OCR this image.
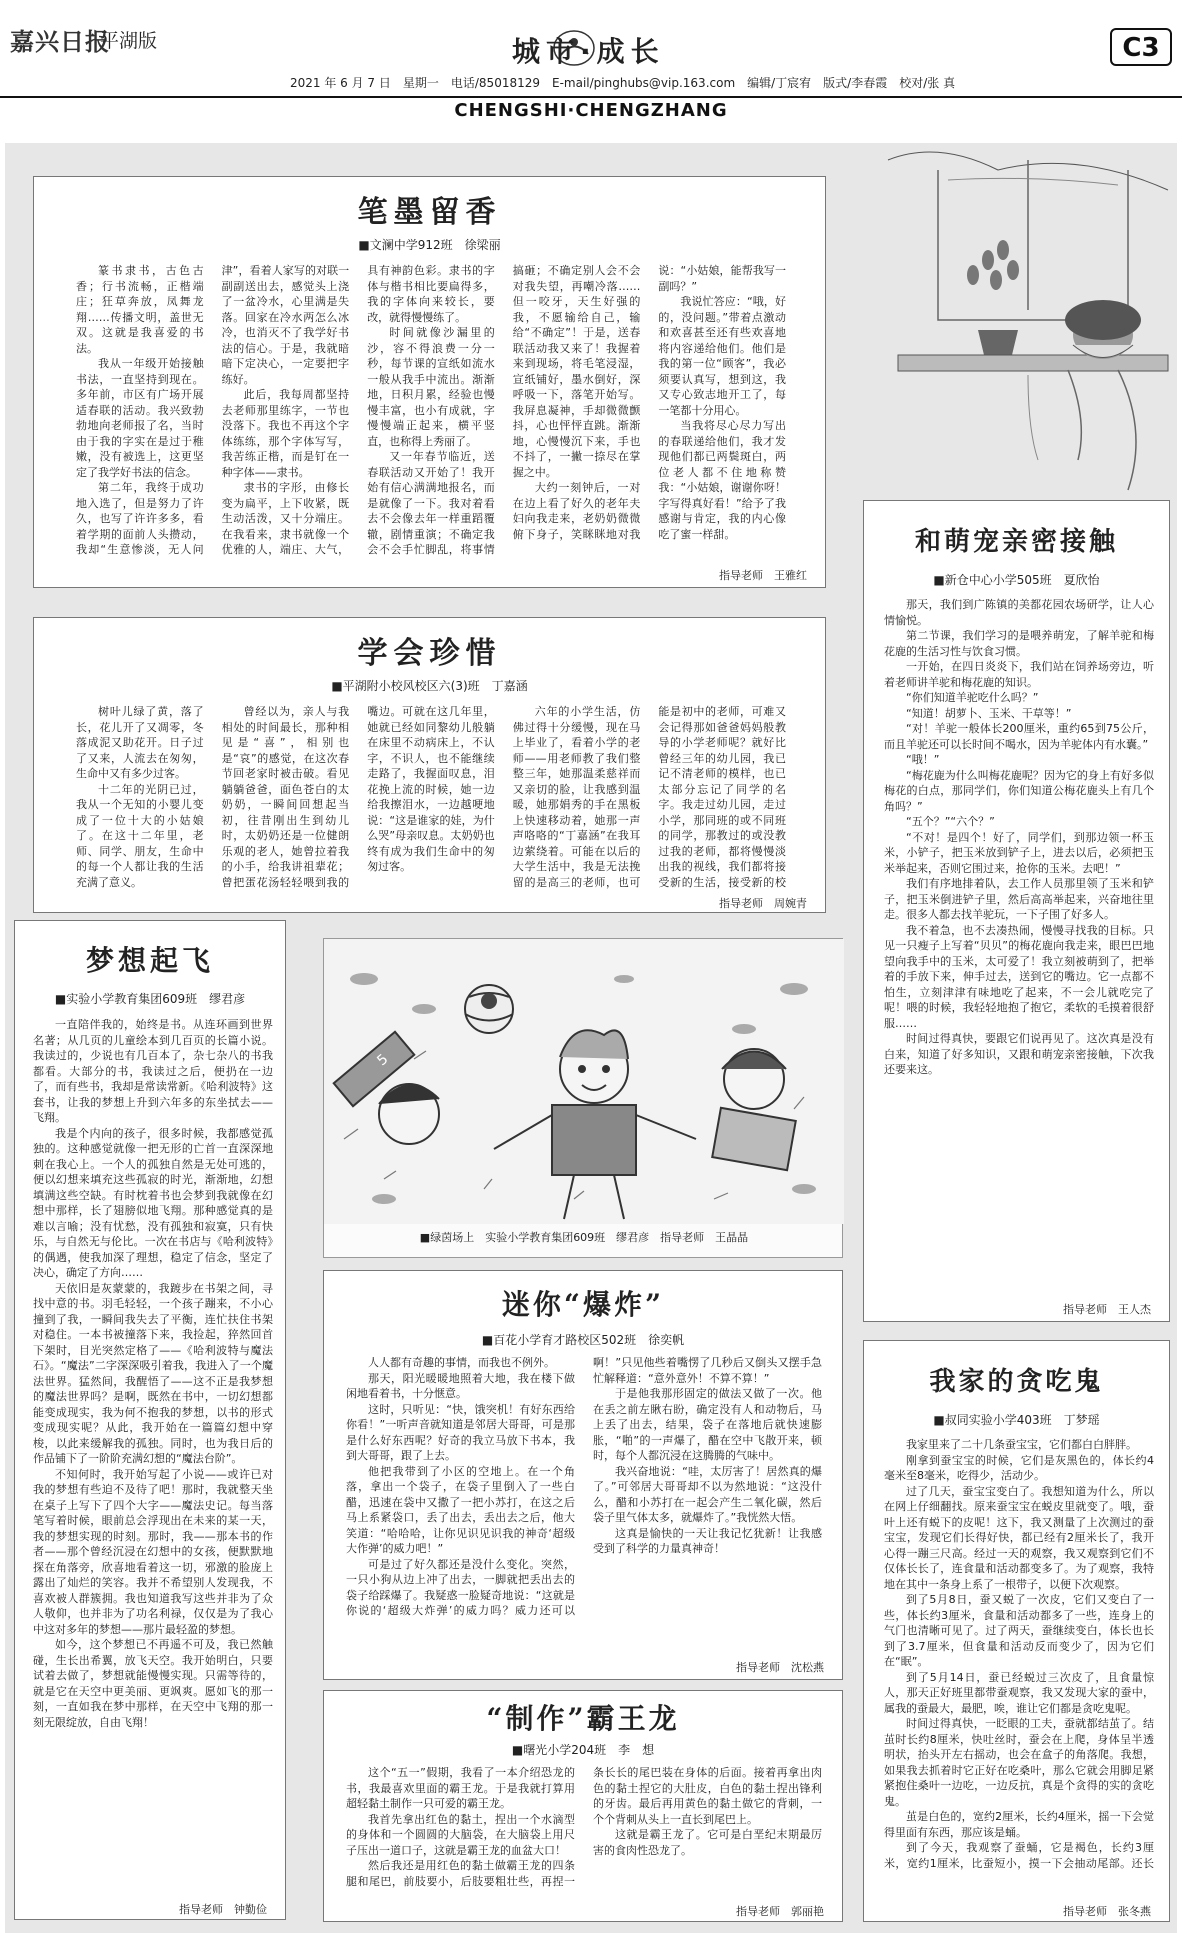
嘉兴日报
平湖版	城市·成长	C3
2021 年 6 月 7 日　星期一　电话/85018129　E-mail/pinghubs@vip.163.com　编辑/丁宸宥　版式/李春霞　校对/张 真
CHENGSHI·CHENGZHANG
笔墨留香
■文澜中学912班　徐梁丽

篆书隶书，古色古香；行书流畅，正楷端庄；狂草奔放，凤舞龙翔……传播文明，盖世无双。这就是我喜爱的书法。

我从一年级开始接触书法，一直坚持到现在。多年前，市区有广场开展适春联的活动。我兴致勃勃地向老师报了名，当时由于我的字实在是过于稚嫩，没有被选上，这更坚定了我学好书法的信念。

第二年，我终于成功地入选了，但是努力了许久，也写了许许多多，看着学期的面前人头攒动，我却“生意惨淡，无人问津”，看着人家写的对联一副副送出去，感觉头上浇了一盆冷水，心里满是失落。回家在冷水两怎么冰冷，也消灭不了我学好书法的信心。于是，我就暗暗下定决心，一定要把字练好。

此后，我每周都坚持去老师那里练字，一节也没落下。我也不再这个字体练练，那个字体写写，我苦练正楷，而是钉在一种字体——隶书。

隶书的字形，由修长变为扁平，上下收紧，既生动活泼，又十分端庄。在我看来，隶书就像一个优雅的人，端庄、大气，具有神韵色彩。隶书的字体与楷书相比要扁得多，我的字体向来较长，要改，就得慢慢练了。

时间就像沙漏里的沙，容不得浪费一分一秒，每节课的宣纸如流水一般从我手中流出。渐渐地，日积月累，经验也慢慢丰富，也小有成就，字慢慢端正起来，横平竖直，也称得上秀丽了。

又一年春节临近，送春联活动又开始了！我开始有信心满满地报名，而是就像了一下。我对着看去不会像去年一样重蹈覆辙，剧情重演；不确定我会不会手忙脚乱，将事情搞砸；不确定别人会不会对我失望，再嘲冷落……但一咬牙，天生好强的我，不愿输给自己，输给“不确定”！于是，送春联活动我又来了！我握着来到现场，将毛笔浸湿，宣纸铺好，墨水倒好，深呼吸一下，落笔开始写。我屏息凝神，手却微微颤抖，心也怦怦直跳。渐渐地，心慢慢沉下来，手也不抖了，一撇一捺尽在掌握之中。

大约一刻钟后，一对在边上看了好久的老年夫妇向我走来，老奶奶微微俯下身子，笑眯眯地对我说：“小姑娘，能帮我写一副吗？”

我说忙答应：“哦，好的，没问题。”带着点激动和欢喜甚至还有些欢喜地将内容递给他们。他们是我的第一位“顾客”，我必须要认真写，想到这，我又专心致志地开工了，每一笔都十分用心。

当我将尽心尽力写出的春联递给他们，我才发现他们都已两鬓斑白，两位老人都不住地称赞我：“小姑娘，谢谢你呀！字写得真好看！”给予了我感谢与肯定，我的内心像吃了蜜一样甜。

指导老师　王雅红
学会珍惜
■平湖附小校风校区六(3)班　丁嘉涵

树叶儿绿了黄，落了长，花儿开了又凋零，冬落成泥又助花开。日子过了又来，人流去在匆匆，生命中又有多少过客。

十二年的光阴已过，我从一个无知的小婴儿变成了一位十大的小姑娘了。在这十二年里，老师、同学、朋友，生命中的每一个人都让我的生活充满了意义。

曾经以为，亲人与我相处的时间最长，那种相见是“喜”，相别也是“哀”的感觉，在这次春节回老家时被击破。看见躺躺爸爸，面色苍白的太奶奶，一瞬间回想起当初，往昔刚出生到幼儿时，太奶奶还是一位健朗乐观的老人，她曾拉着我的小手，给我讲祖辈花；曾把蛋花汤轻轻喂到我的嘴边。可就在这几年里，她就已经如同黎幼儿般躺在床里不动病床上，不认字，不识人，也不能继续走路了，我握面叹息，泪花挽上流的时候，她一边给我擦泪水，一边越哽地说：“这是谁家的娃，为什么哭”母亲叹息。太奶奶也终有成为我们生命中的匆匆过客。

六年的小学生活，仿佛过得十分缓慢，现在马上毕业了，看着小学的老师——用老师教了我们整整三年，她那温柔慈祥而又亲切的脸，让我感到温暖，她那娟秀的手在黑板上快速移动着，她那一声声咯咯的“丁嘉涵”在我耳边萦绕着。可能在以后的大学生活中，我是无法挽留的是高三的老师，也可能是初中的老师，可难又会记得那如爸爸妈妈般教导的小学老师呢？就好比曾经三年的幼儿园，我已记不清老师的模样，也已太部分忘记了同学的名字。我走过幼儿园，走过小学，那同班的或不同班的同学，那教过的或没教过我的老师，都将慢慢淡出我的视线，我们都将接受新的生活，接受新的校

指导老师　周婉青
和萌宠亲密接触
■新仓中心小学505班　夏欣怡

那天，我们到广陈镇的美都花园农场研学，让人心情愉悦。

第二节课，我们学习的是喂养萌宠，了解羊驼和梅花鹿的生活习性与饮食习惯。

一开始，在四日炎炎下，我们站在饲养场旁边，听着老师讲羊驼和梅花鹿的知识。

“你们知道羊驼吃什么吗？”

“知道！胡萝卜、玉米、干草等！”

“对！羊驼一般体长200厘米，重约65到75公斤，而且羊驼还可以长时间不喝水，因为羊驼体内有水囊。”

“哦！”

“梅花鹿为什么叫梅花鹿呢？因为它的身上有好多似梅花的白点，那同学们，你们知道公梅花鹿头上有几个角吗？”

“五个？”“六个？”

“不对！是四个！好了，同学们，到那边领一杯玉米，小铲子，把玉米放到铲子上，进去以后，必须把玉米举起来，否则它围过来，抢你的玉米。去吧！”

我们有序地排着队，去工作人员那里领了玉米和铲子，把玉米倒进铲子里，然后高高举起来，兴奋地往里走。很多人都去找羊驼玩，一下子围了好多人。

我不着急，也不去凑热闹，慢慢寻找我的目标。只见一只瘦子上写着“贝贝”的梅花鹿向我走来，眼巴巴地望向我手中的玉米，太可爱了！我立刻被萌到了，把举着的手放下来，伸手过去，送到它的嘴边。它一点都不怕生，立刻津津有味地吃了起来，不一会儿就吃完了呢！喂的时候，我轻轻地抱了抱它，柔软的毛摸着很舒服……

时间过得真快，要跟它们说再见了。这次真是没有白来，知道了好多知识，又跟和萌宠亲密接触，下次我还要来这。

指导老师　王人杰
梦想起飞
■实验小学教育集团609班　缪君彦

一直陪伴我的，始终是书。从连环画到世界名著；从几页的儿童绘本到几百页的长篇小说。我读过的，少说也有几百本了，杂七杂八的书我都看。大部分的书，我读过之后，便扔在一边了，而有些书，我却是常读常新。《哈利波特》这套书，让我的梦想上升到六年多的东坐拭去——飞翔。

我是个内向的孩子，很多时候，我都感觉孤独的。这种感觉就像一把无形的亡首一直深深地刺在我心上。一个人的孤独自然是无处可逃的，便以幻想来填充这些孤寂的时光，渐渐地，幻想填满这些空缺。有时枕着书也会梦到我就像在幻想中那样，长了翅膀似地飞翔。那种感觉真的是难以言喻；没有忧愁，没有孤独和寂寞，只有快乐，与自然无与伦比。一次在书店与《哈利波特》的偶遇，使我加深了理想，稳定了信念，坚定了决心，确定了方向……

天依旧是灰蒙蒙的，我踱步在书架之间，寻找中意的书。羽毛轻轻，一个孩子蹦来，不小心撞到了我，一瞬间我失去了平衡，连忙扶住书架对稳住。一本书被撞落下来，我捡起，猝然回首下架时，目光突然定格了——《哈利波特与魔法石》。“魔法”二字深深吸引着我，我进入了一个魔法世界。猛然间，我醒悟了——这不正是我梦想的魔法世界吗？是啊，既然在书中，一切幻想都能变成现实，我为何不抱我的梦想，以书的形式变成现实呢？从此，我开始在一篇篇幻想中穿梭，以此来缓解我的孤独。同时，也为我日后的作品铺下了一阶阶充满幻想的“魔法台阶”。

不知何时，我开始写起了小说——或许已对我的梦想有些迫不及待了吧！那时，我就整天坐在桌子上写下了四个大字——魔法史记。每当落笔写着时候，眼前总会浮现出在未来的某一天，我的梦想实现的时刻。那时，我——那本书的作者——那个曾经沉浸在幻想中的女孩，便默默地探在角落旁，欣喜地看着这一切，邪激的脸庞上露出了灿烂的笑容。我并不希望别人发现我，不喜欢被人群簇拥。我也知道我写这些并非为了众人敬仰，也并非为了功名利禄，仅仅是为了我心中这对多年的梦想——那片最轻盈的梦想。

如今，这个梦想已不再遥不可及，我已然触碰，生长出希翼，放飞天空。我开始明白，只要试着去做了，梦想就能慢慢实现。只需等待的，就是它在天空中更美丽、更飒爽。愿如飞的那一刻，一直如我在梦中那样，在天空中飞翔的那一刻无限绽放，自由飞翔！

指导老师　钟勤俭
5
■绿茵场上　实验小学教育集团609班　缪君彦　指导老师　王晶晶
迷你“爆炸”
■百花小学育才路校区502班　徐奕帆

人人都有奇趣的事情，而我也不例外。

那天，阳光暖暖地照着大地，我在楼下做闲地看着书，十分惬意。

这时，只听见：“快，饿突机！有好东西给你看！”一听声音就知道是邻居大哥哥，可是那是什么好东西呢？好奇的我立马放下书本，我到大哥哥，跟了上去。

他把我带到了小区的空地上。在一个角落，拿出一个袋子，在袋子里倒入了一些白醋，迅速在袋中又撒了一把小苏打，在这之后马上系紧袋口，丢了出去，丢出去之后，他大笑道：“哈哈哈，让你见识见识我的神奇‘超级大作弹’的威力吧！”

可是过了好久都还是没什么变化。突然，一只小狗从边上冲了出去，一脚就把丢出去的袋子给踩爆了。我疑惑一脸疑奇地说：“这就是你说的‘超级大炸弹’的威力吗？威力还可以啊！”只见他些着嘴愣了几秒后又倒头又摆手急忙解释道：“意外意外！不算不算！”

于是他我那形固定的做法又做了一次。他在丢之前左瞅右盼，确定没有人和动物后，马上丢了出去，结果，袋子在落地后就快速膨胀，“啪”的一声爆了，醋在空中飞散开来，顿时，每个人都沉浸在这腾腾的气味中。

我兴奋地说：“哇，太厉害了！居然真的爆了。”可邻居大哥哥却不以为然地说：“这没什么，醋和小苏打在一起会产生二氧化碳，然后袋子里气体太多，就爆炸了。”我恍然大悟。

这真是愉快的一天让我记忆犹新！让我感受到了科学的力量真神奇！

指导老师　沈松燕
“制作”霸王龙
■曙光小学204班　李　想

这个“五一”假期，我看了一本介绍恐龙的书，我最喜欢里面的霸王龙。于是我就打算用超轻黏土制作一只可爱的霸王龙。

我首先拿出红色的黏土，捏出一个水滴型的身体和一个圆圆的大脑袋，在大脑袋上用尺子压出一道口子，这就是霸王龙的血盆大口！

然后我还是用红色的黏土做霸王龙的四条腿和尾巴，前肢要小，后肢要粗壮些，再捏一条长长的尾巴装在身体的后面。接着再拿出肉色的黏土捏它的大肚皮，白色的黏土捏出锋利的牙齿。最后再用黄色的黏土做它的背刺，一个个背刺从头上一直长到尾巴上。

这就是霸王龙了。它可是白垩纪末期最厉害的食肉性恐龙了。

指导老师　郭丽艳
我家的贪吃鬼
■叔同实验小学403班　丁梦瑶

我家里来了二十几条蚕宝宝，它们都白白胖胖。

刚拿到蚕宝宝的时候，它们是灰黑色的，体长约4毫米至8毫米，吃得少，活动少。

过了几天，蚕宝宝变白了。我想知道为什么，所以在网上仔细翻找。原来蚕宝宝在蜕皮里就变了。哦，蚕叶上还有蜕下的皮呢！这下，我又测量了上次测过的蚕宝宝，发现它们长得好快，都已经有2厘米长了，我开心得一蹦三尺高。经过一天的观察，我又观察到它们不仅体长长了，连食量和活动都变多了。为了观察，我特地在其中一条身上系了一根带子，以便下次观察。

到了5月8日，蚕又蜕了一次皮，它们又变白了一些，体长约3厘米，食量和活动都多了一些，连身上的气门也清晰可见了。过了两天，蚕继续变白，体长也长到了3.7厘米，但食量和活动反而变少了，因为它们在“眠”。

到了5月14日，蚕已经蜕过三次皮了，且食量惊人，那天正好班里都带蚕观察，我又发现大家的蚕中，属我的蚕最大，最肥，唉，谁让它们都是贪吃鬼呢。

时间过得真快，一眨眼的工夫，蚕就都结茧了。结茧时长约8厘米，快吐丝时，蚕会在上爬，身体呈半透明状，抬头开左右摇动，也会在盒子的角落爬。我想，如果我去抓着时它正好在吃桑叶，那么它就会用脚足紧紧抱住桑叶一边吃，一边反抗，真是个贪得的实的贪吃鬼。

茧是白色的，宽约2厘米，长约4厘米，摇一下会觉得里面有东西，那应该是蛹。

到了今天，我观察了蚕蛹，它是褐色，长约3厘米，宽约1厘米，比蚕短小，摸一下会抽动尾部。还长

指导老师　张冬燕
